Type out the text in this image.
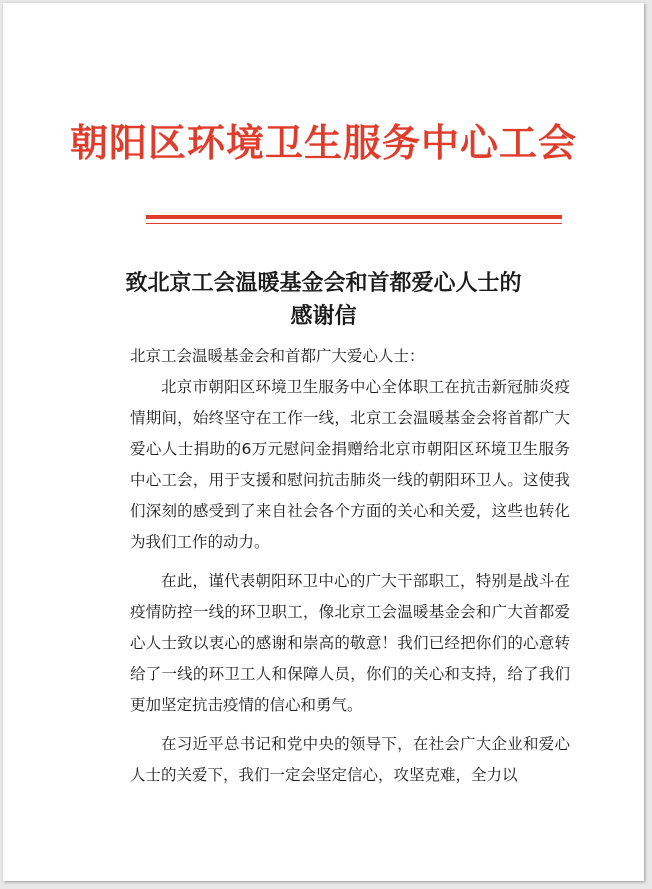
朝阳区环境卫生服务中心工会
致北京工会温暖基金会和首都爱心人士的
感谢信
北京工会温暖基金会和首都广大爱心人士：
北京市朝阳区环境卫生服务中心全体职工在抗击新冠肺炎疫情期间，始终坚守在工作一线，北京工会温暖基金会将首都广大爱心人士捐助的6万元慰问金捐赠给北京市朝阳区环境卫生服务中心工会，用于支援和慰问抗击肺炎一线的朝阳环卫人。这使我们深刻的感受到了来自社会各个方面的关心和关爱，这些也转化为我们工作的动力。
在此，谨代表朝阳环卫中心的广大干部职工，特别是战斗在疫情防控一线的环卫职工，像北京工会温暖基金会和广大首都爱心人士致以衷心的感谢和崇高的敬意！我们已经把你们的心意转给了一线的环卫工人和保障人员，你们的关心和支持，给了我们更加坚定抗击疫情的信心和勇气。
在习近平总书记和党中央的领导下，在社会广大企业和爱心人士的关爱下，我们一定会坚定信心，攻坚克难，全力以
